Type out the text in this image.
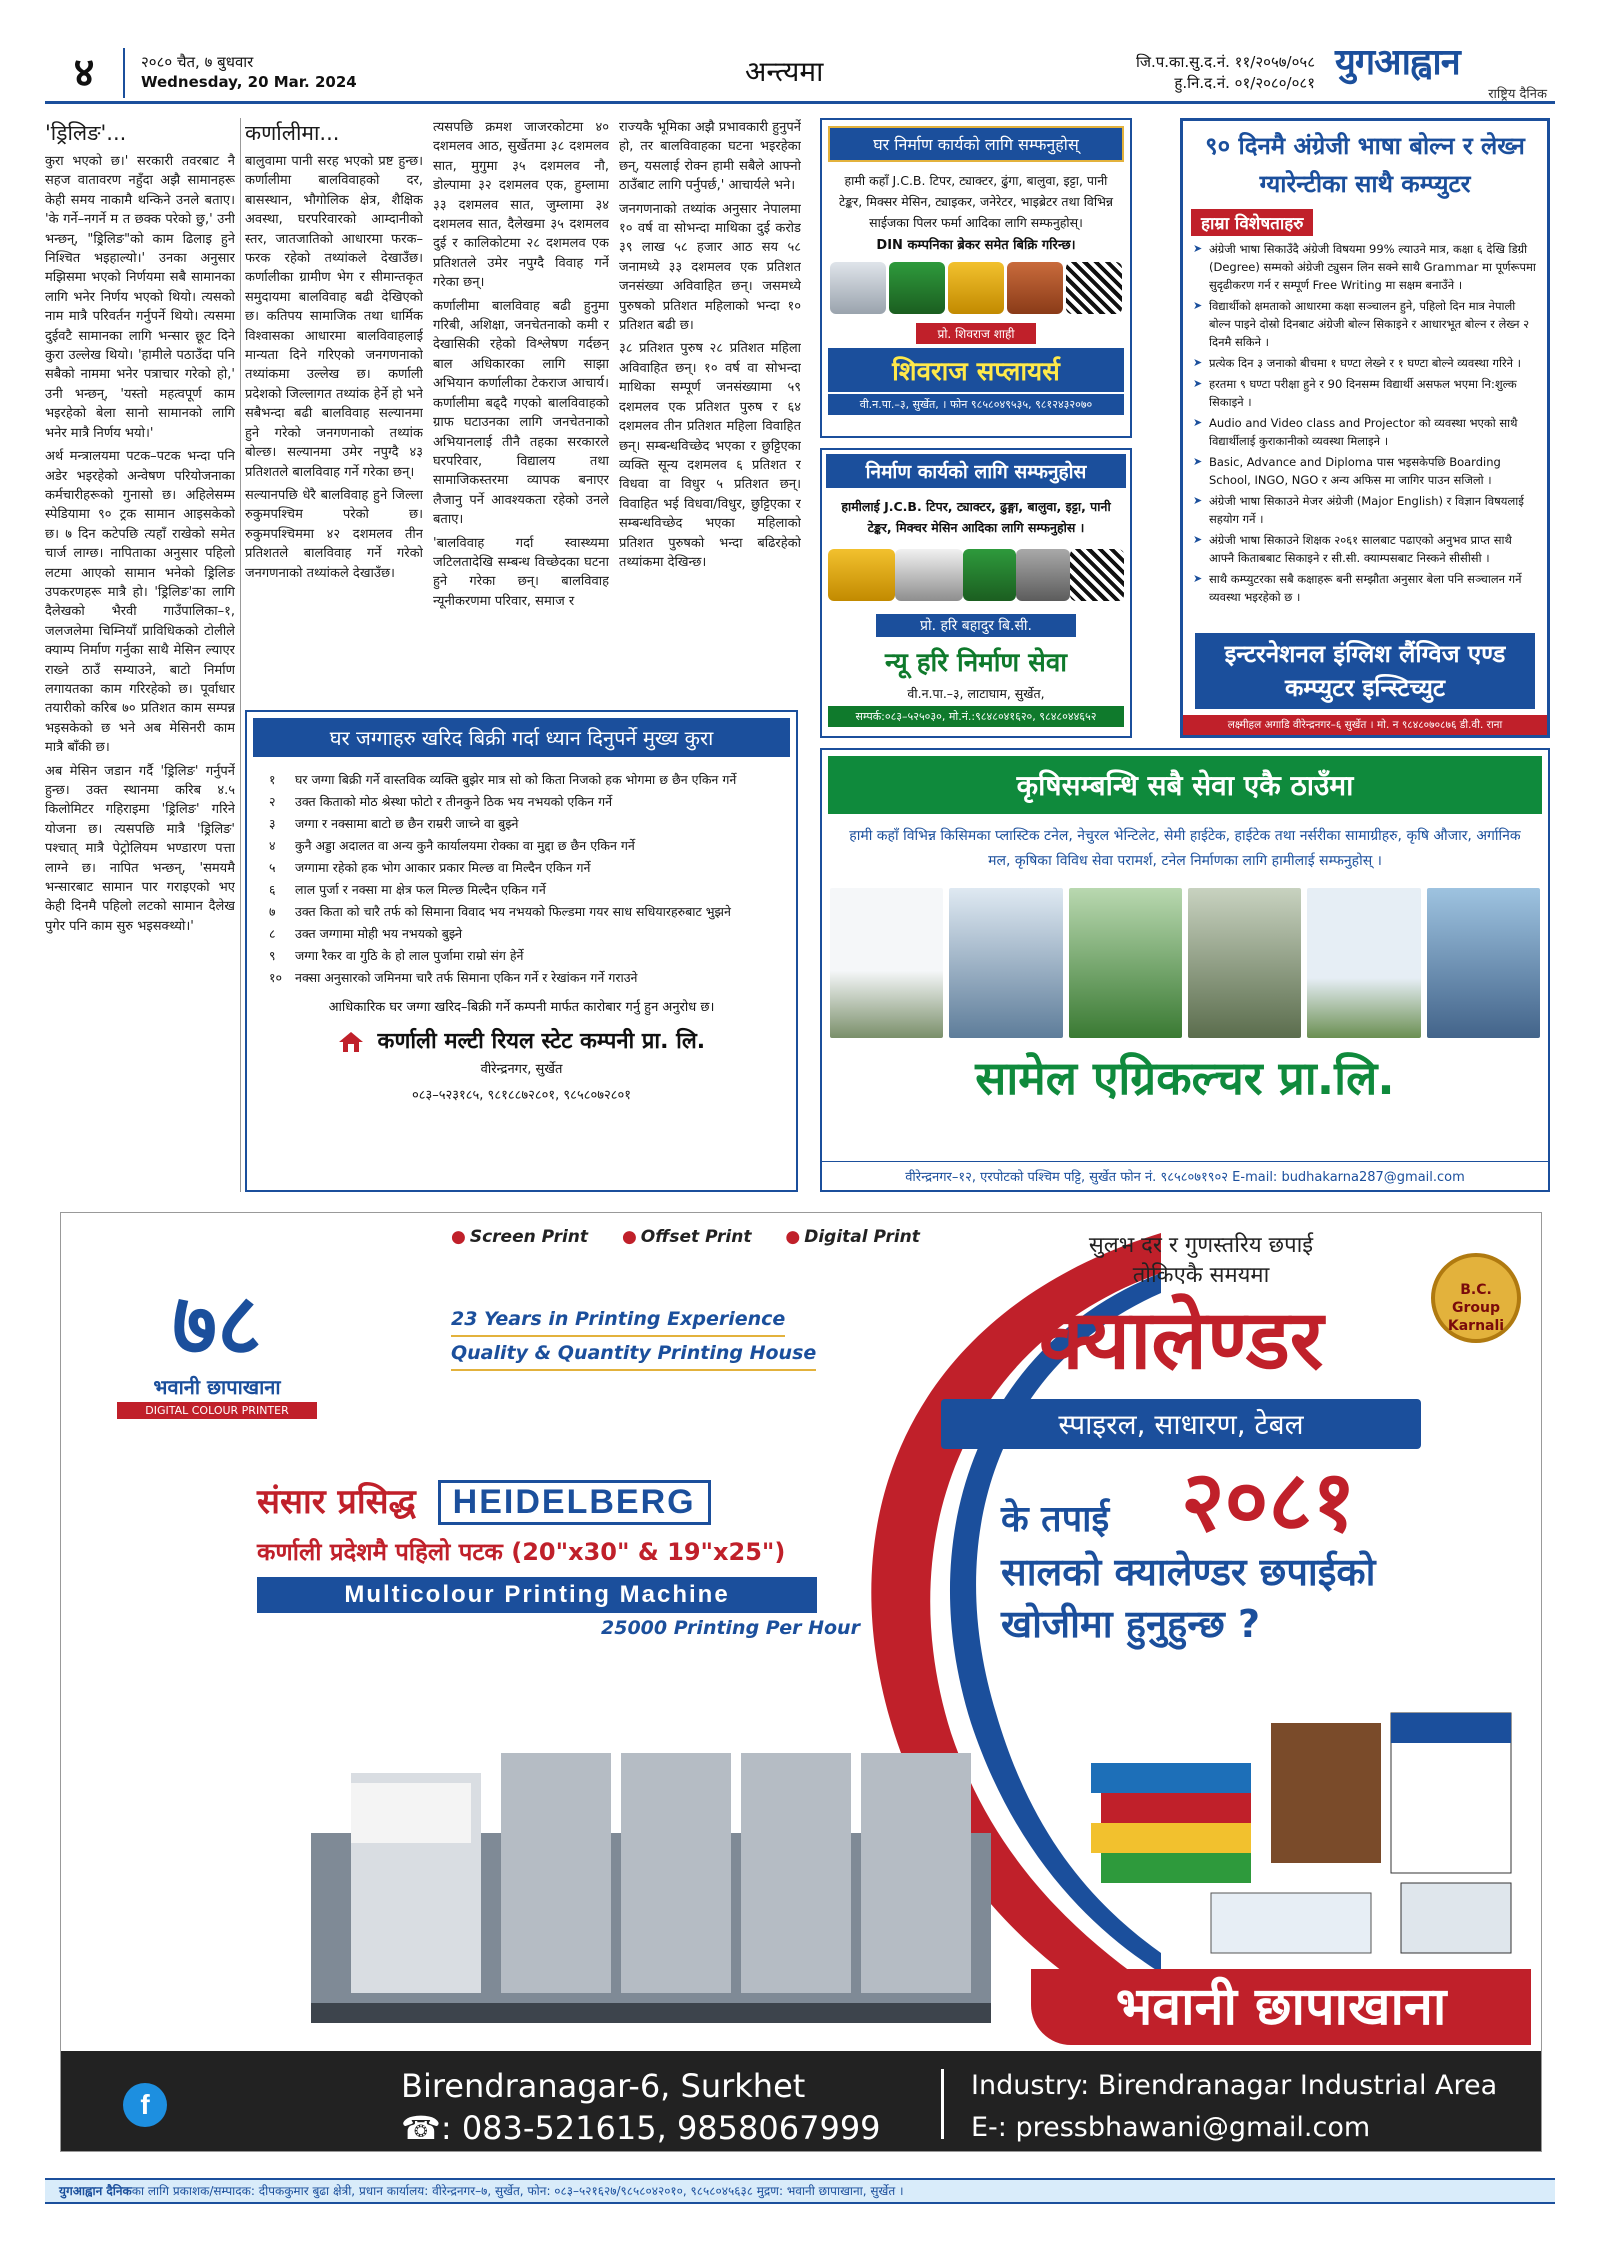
४	२०८० चैत, ७ बुधवार
Wednesday, 20 Mar. 2024	अन्त्यमा	जि.प.का.सु.द.नं. ११/२०५७/०५८
हु.नि.द.नं. ०१/२०८०/०८१ युगआह्वान
राष्ट्रिय दैनिक
'ड्रिलिङ'...

कुरा भएको छ।' सरकारी तवरबाट नै सहज वातावरण नहुँदा अझै सामानहरू केही समय नाकामै थन्किने उनले बताए। 'के गर्ने–नगर्ने म त छक्क परेको छु,' उनी भन्छन्, "ड्रिलिङ"को काम ढिलाइ हुने निश्चित भइहाल्यो।' उनका अनुसार मझिसमा भएको निर्णयमा सबै सामानका लागि भनेर निर्णय भएको थियो। त्यसको नाम मात्रै परिवर्तन गर्नुपर्ने थियो। त्यसमा दुईवटै सामानका लागि भन्सार छूट दिने कुरा उल्लेख थियो। 'हामीले पठाउँदा पनि सबैको नाममा भनेर पत्राचार गरेको हो,' उनी भन्छन्, 'यस्तो महत्वपूर्ण काम भइरहेको बेला सानो सामानको लागि भनेर मात्रै निर्णय भयो।'

अर्थ मन्त्रालयमा पटक–पटक भन्दा पनि अडेर भइरहेको अन्वेषण परियोजनाका कर्मचारीहरूको गुनासो छ। अहिलेसम्म स्पेडियामा ९० ट्रक सामान आइसकेको छ। ७ दिन कटेपछि त्यहाँ राखेको समेत चार्ज लाग्छ। नापिताका अनुसार पहिलो लटमा आएको सामान भनेको ड्रिलिङ उपकरणहरू मात्रै हो। 'ड्रिलिङ'का लागि दैलेखको भैरवी गाउँपालिका–१, जलजलेमा चिम्नियाँ प्राविधिकको टोलीले क्याम्प निर्माण गर्नुका साथै मेसिन ल्याएर राख्ने ठाउँ सम्याउने, बाटो निर्माण लगायतका काम गरिरहेको छ। पूर्वाधार तयारीको करिब ७० प्रतिशत काम सम्पन्न भइसकेको छ भने अब मेसिनरी काम मात्रै बाँकी छ।

अब मेसिन जडान गर्दै 'ड्रिलिङ' गर्नुपर्ने हुन्छ। उक्त स्थानमा करिब ४.५ किलोमिटर गहिराइमा 'ड्रिलिङ' गरिने योजना छ। त्यसपछि मात्रै 'ड्रिलिङ' पश्चात् मात्रै पेट्रोलियम भण्डारण पत्ता लाग्ने छ। नापित भन्छन्, 'समयमै भन्सारबाट सामान पार गराइएको भए केही दिनमै पहिलो लटको सामान दैलेख पुगेर पनि काम सुरु भइसक्थ्यो।'

कर्णालीमा...

बालुवामा पानी सरह भएको प्रष्ट हुन्छ। कर्णालीमा बालविवाहको दर, बासस्थान, भौगोलिक क्षेत्र, शैक्षिक अवस्था, घरपरिवारको आम्दानीको स्तर, जातजातिको आधारमा फरक–फरक रहेको तथ्यांकले देखाउँछ। कर्णालीका ग्रामीण भेग र सीमान्तकृत समुदायमा बालविवाह बढी देखिएको छ। कतिपय सामाजिक तथा धार्मिक विश्वासका आधारमा बालविवाहलाई मान्यता दिने गरिएको जनगणनाको तथ्यांकमा उल्लेख छ। कर्णाली प्रदेशको जिल्लागत तथ्यांक हेर्ने हो भने सबैभन्दा बढी बालविवाह सल्यानमा हुने गरेको जनगणनाको तथ्यांक बोल्छ। सल्यानमा उमेर नपुग्दै ४३ प्रतिशतले बालविवाह गर्ने गरेका छन्।

सल्यानपछि धेरै बालविवाह हुने जिल्ला रुकुमपश्चिम परेको छ। रुकुमपश्चिममा ४२ दशमलव तीन प्रतिशतले बालविवाह गर्ने गरेको जनगणनाको तथ्यांकले देखाउँछ।

त्यसपछि क्रमश जाजरकोटमा ४० दशमलव आठ, सुर्खेतमा ३८ दशमलव सात, मुगुमा ३५ दशमलव नौ, डोल्पामा ३२ दशमलव एक, हुम्लामा ३३ दशमलव सात, जुम्लामा ३४ दशमलव सात, दैलेखमा ३५ दशमलव दुई र कालिकोटमा २८ दशमलव एक प्रतिशतले उमेर नपुग्दै विवाह गर्ने गरेका छन्।

कर्णालीमा बालविवाह बढी हुनुमा गरिबी, अशिक्षा, जनचेतनाको कमी र देखासिकी रहेको विश्लेषण गर्दछन् बाल अधिकारका लागि साझा अभियान कर्णालीका टेकराज आचार्य। कर्णालीमा बढ्दै गएको बालविवाहको ग्राफ घटाउनका लागि जनचेतनाको अभियानलाई तीनै तहका सरकारले घरपरिवार, विद्यालय तथा सामाजिकस्तरमा व्यापक बनाएर लैजानु पर्ने आवश्यकता रहेको उनले बताए।

'बालविवाह गर्दा स्वास्थ्यमा जटिलतादेखि सम्बन्ध विच्छेदका घटना हुने गरेका छन्। बालविवाह न्यूनीकरणमा परिवार, समाज र

राज्यकै भूमिका अझै प्रभावकारी हुनुपर्ने हो, तर बालविवाहका घटना भइरहेका छन्, यसलाई रोक्न हामी सबैले आफ्नो ठाउँबाट लागि पर्नुपर्छ,' आचार्यले भने।

जनगणनाको तथ्यांक अनुसार नेपालमा १० वर्ष वा सोभन्दा माथिका दुई करोड ३९ लाख ५८ हजार आठ सय ५८ जनामध्ये ३३ दशमलव एक प्रतिशत जनसंख्या अविवाहित छन्। जसमध्ये पुरुषको प्रतिशत महिलाको भन्दा १० प्रतिशत बढी छ।

३८ प्रतिशत पुरुष २८ प्रतिशत महिला अविवाहित छन्। १० वर्ष वा सोभन्दा माथिका सम्पूर्ण जनसंख्यामा ५९ दशमलव एक प्रतिशत पुरुष र ६४ दशमलव तीन प्रतिशत महिला विवाहित छन्। सम्बन्धविच्छेद भएका र छुट्टिएका व्यक्ति सून्य दशमलव ६ प्रतिशत र विधवा वा विधुर ५ प्रतिशत छन्। विवाहित भई विधवा/विधुर, छुट्टिएका र सम्बन्धविच्छेद भएका महिलाको प्रतिशत पुरुषको भन्दा बढिरहेको तथ्यांकमा देखिन्छ।

घर निर्माण कार्यको लागि सम्फनुहोस्
हामी कहाँ J.C.B. टिपर, ट्याक्टर, ढुंगा, बालुवा, इट्टा, पानी टेङ्कर, मिक्सर मेसिन, ट्याइकर, जनेरेटर, भाइब्रेटर तथा विभिन्न साईजका पिलर फर्मा आदिका लागि सम्फनुहोस्।
DIN कम्पनिका ब्रेकर समेत बिक्रि गरिन्छ।
प्रो. शिवराज शाही
शिवराज सप्लायर्स
वी.न.पा.–३, सुर्खेत, । फोन ९८५८०४९५३५, ९८१२४३२०७०
निर्माण कार्यको लागि सम्फनुहोस
हामीलाई J.C.B. टिपर, ट्याक्टर, ढुङ्गा, बालुवा, इट्टा, पानी टेङ्कर, मिक्चर मेसिन आदिका लागि सम्फनुहोस ।
प्रो. हरि बहादुर बि.सी.
न्यू हरि निर्माण सेवा
वी.न.पा.–३, लाटाघाम, सुर्खेत,
सम्पर्क:०८३–५२५०३०, मो.नं.:९८४८०४१६२०, ९८४८०४४६५२
९० दिनमै अंग्रेजी भाषा बोल्न र लेख्न ग्यारेन्टीका साथै कम्प्युटर
हाम्रा विशेषताहरु
➤ अंग्रेजी भाषा सिकाउँदै अंग्रेजी विषयमा 99% ल्याउने मात्र, कक्षा ६ देखि डिग्री (Degree) सम्मको अंग्रेजी ट्युसन लिन सक्ने साथै Grammar मा पूर्णरूपमा सुदृढीकरण गर्न र सम्पूर्ण Free Writing मा सक्षम बनाउँने ।
➤ विद्यार्थीको क्षमताको आधारमा कक्षा सञ्चालन हुने, पहिलो दिन मात्र नेपाली बोल्न पाइने दोस्रो दिनबाट अंग्रेजी बोल्न सिकाइने र आधारभूत बोल्न र लेख्न २ दिनमै सकिने ।
➤ प्रत्येक दिन ३ जनाको बीचमा १ घण्टा लेख्ने र १ घण्टा बोल्ने व्यवस्था गरिने ।
➤ हरतमा ९ घण्टा परीक्षा हुने र 90 दिनसम्म विद्यार्थी असफल भएमा नि:शुल्क सिकाइने ।
➤ Audio and Video class and Projector को व्यवस्था भएको साथै विद्यार्थीलाई कुराकानीको व्यवस्था मिलाइने ।
➤ Basic, Advance and Diploma पास भइसकेपछि Boarding School, INGO, NGO र अन्य अफिस मा जागिर पाउन सजिलो ।
➤ अंग्रेजी भाषा सिकाउने मेजर अंग्रेजी (Major English) र विज्ञान विषयलाई सहयोग गर्ने ।
➤ अंग्रेजी भाषा सिकाउने शिक्षक २०६१ सालबाट पढाएको अनुभव प्राप्त साथै आफ्नै किताबबाट सिकाइने र सी.सी. क्याम्पसबाट निस्कने सीसीसी ।
➤ साथै कम्प्युटरका सबै कक्षाहरू बनी सम्झौता अनुसार बेला पनि सञ्चालन गर्ने व्यवस्था भइरहेको छ ।
इन्टरनेशनल इंग्लिश लैंग्विज एण्ड कम्प्युटर इन्स्टिच्युट
लक्ष्मीहल अगाडि वीरेन्द्रनगर–६ सुर्खेत । मो. न ९८४८०७०८७६ डी.वी. राना
घर जग्गाहरु खरिद बिक्री गर्दा ध्यान दिनुपर्ने मुख्य कुरा
१	घर जग्गा बिक्री गर्ने वास्तविक व्यक्ति बुझेर मात्र सो को किता निजको हक भोगमा छ छैन एकिन गर्ने
२	उक्त किताको मोठ श्रेस्था फोटो र तीनकुने ठिक भय नभयको एकिन गर्ने
३	जग्गा र नक्सामा बाटो छ छैन राम्ररी जाच्ने वा बुझ्ने
४	कुनै अड्डा अदालत वा अन्य कुनै कार्यालयमा रोक्का वा मुद्दा छ छैन एकिन गर्ने
५	जग्गामा रहेको हक भोग आकार प्रकार मिल्छ वा मिल्दैन एकिन गर्ने
६	लाल पुर्जा र नक्सा मा क्षेत्र फल मिल्छ मिल्दैन एकिन गर्ने
७	उक्त किता को चारै तर्फ को सिमाना विवाद भय नभयको फिल्डमा गयर साध सधियारहरुबाट भुझने
८	उक्त जग्गामा मोही भय नभयको बुझ्ने
९	जग्गा रैकर वा गुठि के हो लाल पुर्जामा राम्रो संग हेर्ने
१०	नक्सा अनुसारको जमिनमा चारै तर्फ सिमाना एकिन गर्ने र रेखांकन गर्ने गराउने
आधिकारिक घर जग्गा खरिद–बिक्री गर्ने कम्पनी मार्फत कारोबार गर्नु हुन अनुरोध छ।
कर्णाली मल्टी रियल स्टेट कम्पनी प्रा. लि.
वीरेन्द्रनगर, सुर्खेत
०८३–५२३१८५, ९८१८८७२८०१, ९८५८०७२८०१
कृषिसम्बन्धि सबै सेवा एकै ठाउँमा
हामी कहाँ विभिन्न किसिमका प्लास्टिक टनेल, नेचुरल भेन्टिलेट, सेमी हाईटेक, हाईटेक तथा नर्सरीका सामाग्रीहरु, कृषि औजार, अर्गानिक मल, कृषिका विविध सेवा परामर्श, टनेल निर्माणका लागि हामीलाई सम्फनुहोस् ।
सामेल एग्रिकल्चर प्रा.लि.
वीरेन्द्रनगर–१२, एरपोटको पश्चिम पट्टि, सुर्खेत फोन नं. ९८५८०७१९०२ E-mail: budhakarna287@gmail.com
● Screen Print ● Offset Print ● Digital Print
७८
भवानी छापाखाना
DIGITAL COLOUR PRINTER
23 Years in Printing Experience
Quality & Quantity Printing House
सुलभ दर र गुणस्तरिय छपाई
तोकिएकै समयमा
B.C. Group Karnali
क्यालेण्डर
स्पाइरल, साधारण, टेबल
संसार प्रसिद्ध HEIDELBERG
कर्णाली प्रदेशमै पहिलो पटक (20"x30" & 19"x25")
Multicolour Printing Machine
25000 Printing Per Hour
के तपाई २०८१
सालको क्यालेण्डर छपाईको
खोजीमा हुनुहुन्छ ?
भवानी छापाखाना
f	Birendranagar-6, Surkhet
☎: 083-521615, 9858067999
Industry: Birendranagar Industrial Area
E-: pressbhawani@gmail.com
युगआह्वान दैनिकका लागि प्रकाशक/सम्पादक: दीपककुमार बुढा क्षेत्री, प्रधान कार्यालय: वीरेन्द्रनगर–७, सुर्खेत, फोन: ०८३–५२१६२७/९८५८०४२०१०, ९८५८०४५६३८ मुद्रण: भवानी छापाखाना, सुर्खेत ।
